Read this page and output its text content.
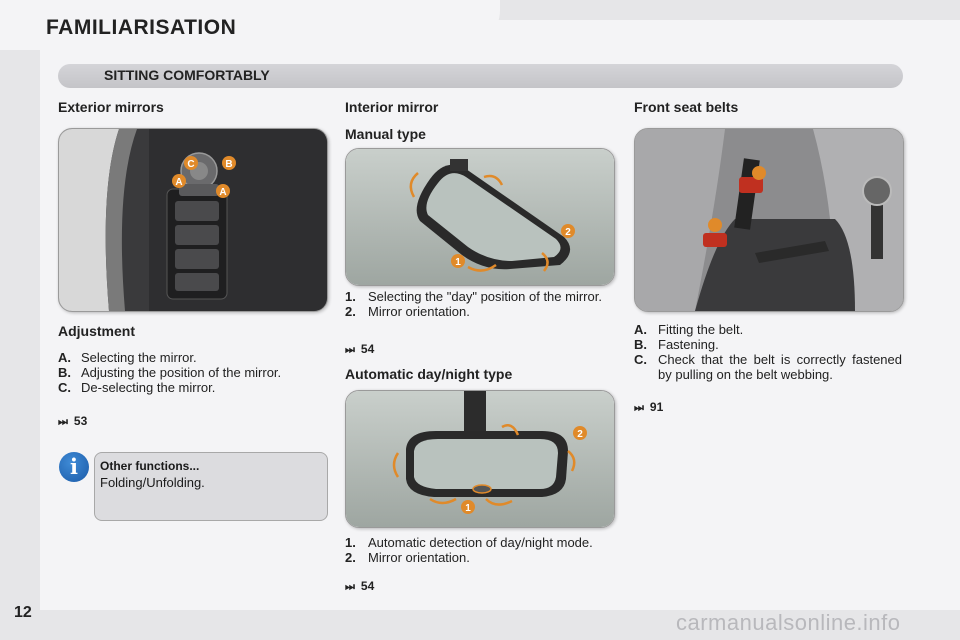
FAMILIARISATION
SITTING COMFORTABLY
Exterior mirrors
C	B
A
A
Adjustment
A. Selecting the mirror.
B. Adjusting the position of the mirror.
C. De-selecting the mirror.
⏭ 53
i	Other functions...
Folding/Unfolding.
Interior mirror
Manual type
1
2
1. Selecting the "day" position of the mirror.
2. Mirror orientation.
⏭ 54
Automatic day/night type
1
2
1. Automatic detection of day/night mode.
2. Mirror orientation.
⏭ 54
Front seat belts
A. Fitting the belt.
B. Fastening.
C. Check that the belt is correctly fastened by pulling on the belt webbing.
⏭ 91
12	carmanualsonline.info
